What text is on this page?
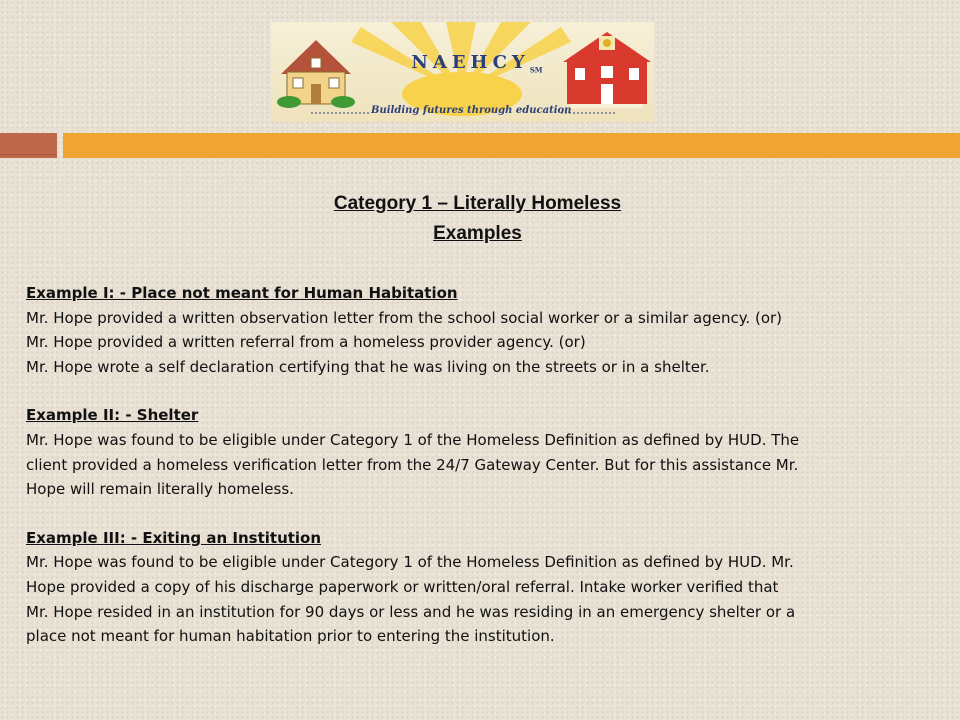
$NAEHCY_{SM}$
Building futures through education
Category 1 – Literally Homeless
Examples

Example I: - Place not meant for Human Habitation

Mr. Hope provided a written observation letter from the school social worker or a similar agency. (or)

Mr. Hope provided a written referral from a homeless provider agency. (or)

Mr. Hope wrote a self declaration certifying that he was living on the streets or in a shelter.

Example II: - Shelter

Mr. Hope was found to be eligible under Category 1 of the Homeless Definition as defined by HUD. The

client provided a homeless verification letter from the 24/7 Gateway Center. But for this assistance Mr.

Hope will remain literally homeless.

Example III: - Exiting an Institution

Mr. Hope was found to be eligible under Category 1 of the Homeless Definition as defined by HUD. Mr.

Hope provided a copy of his discharge paperwork or written/oral referral. Intake worker verified that

Mr. Hope resided in an institution for 90 days or less and he was residing in an emergency shelter or a

place not meant for human habitation prior to entering the institution.
